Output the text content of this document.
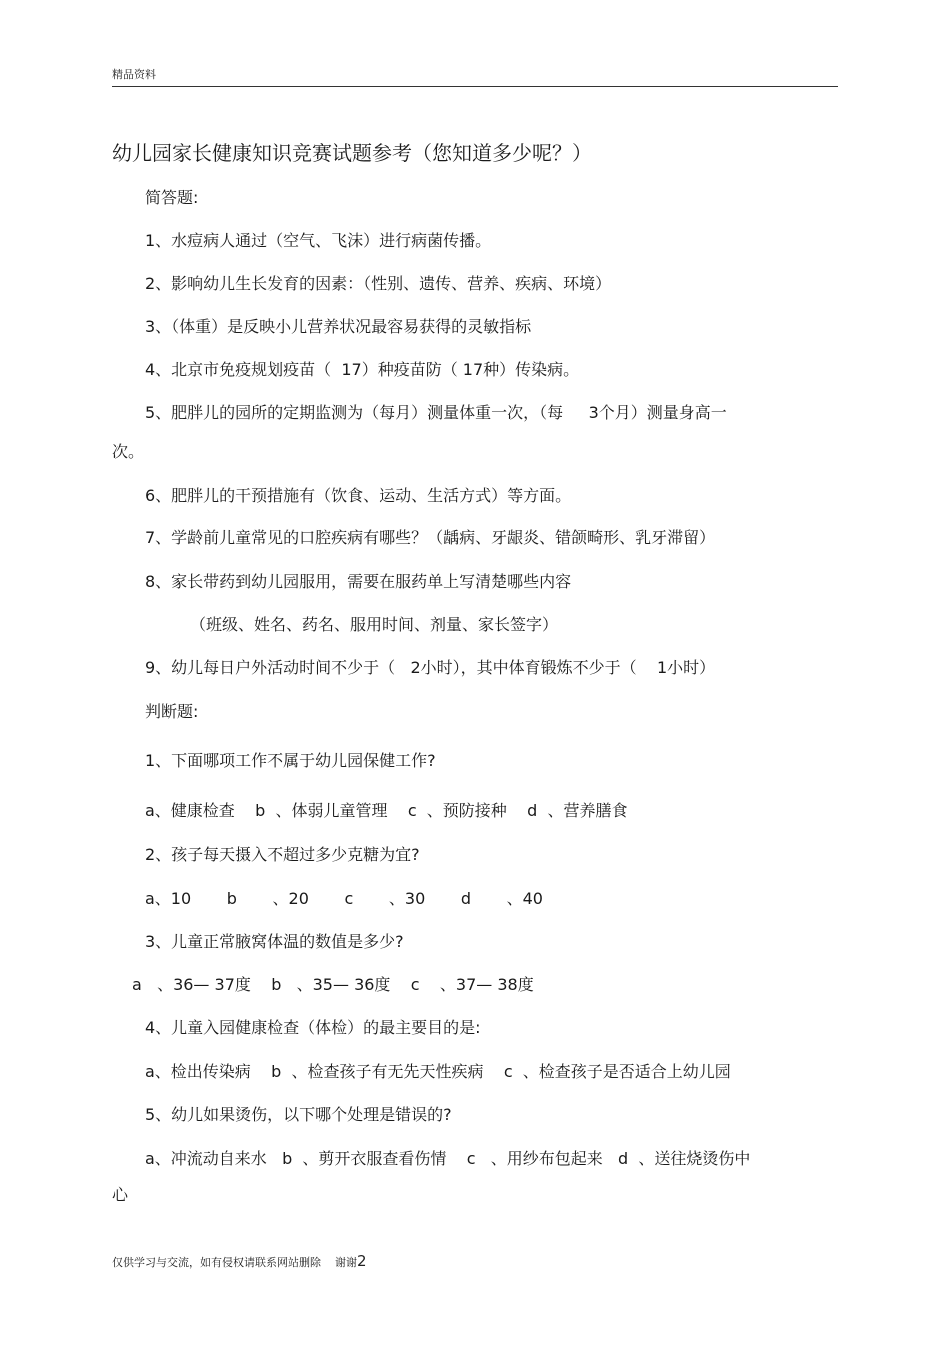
精品资料
幼儿园家长健康知识竞赛试题参考（您知道多少呢？）
简答题:
1、水痘病人通过（空气、飞沫）进行病菌传播。
2、影响幼儿生长发育的因素：（性别、遗传、营养、疾病、环境）
3、（体重）是反映小儿营养状况最容易获得的灵敏指标
4、北京市免疫规划疫苗（  17）种疫苗防（ 17种）传染病。
5、肥胖儿的园所的定期监测为（每月）测量体重一次，（每     3个月）测量身高一
次。
6、肥胖儿的干预措施有（饮食、运动、生活方式）等方面。
7、学龄前儿童常见的口腔疾病有哪些？（龋病、牙龈炎、错颌畸形、乳牙滞留）
8、家长带药到幼儿园服用，需要在服药单上写清楚哪些内容
（班级、姓名、药名、服用时间、剂量、家长签字）
9、幼儿每日户外活动时间不少于（   2小时），其中体育锻炼不少于（    1小时）
判断题:
1、下面哪项工作不属于幼儿园保健工作?
a、健康检查    b  、体弱儿童管理    c  、预防接种    d  、营养膳食
2、孩子每天摄入不超过多少克糖为宜?
a、10       b       、20       c       、30       d       、40
3、儿童正常腋窝体温的数值是多少?
a   、36— 37度    b   、35— 36度    c    、37— 38度
4、儿童入园健康检查（体检）的最主要目的是:
a、检出传染病    b  、检查孩子有无先天性疾病    c  、检查孩子是否适合上幼儿园
5、幼儿如果烫伤，以下哪个处理是错误的?
a、冲流动自来水   b  、剪开衣服查看伤情    c   、用纱布包起来   d  、送往烧烫伤中
心
仅供学习与交流，如有侵权请联系网站删除    谢谢2
